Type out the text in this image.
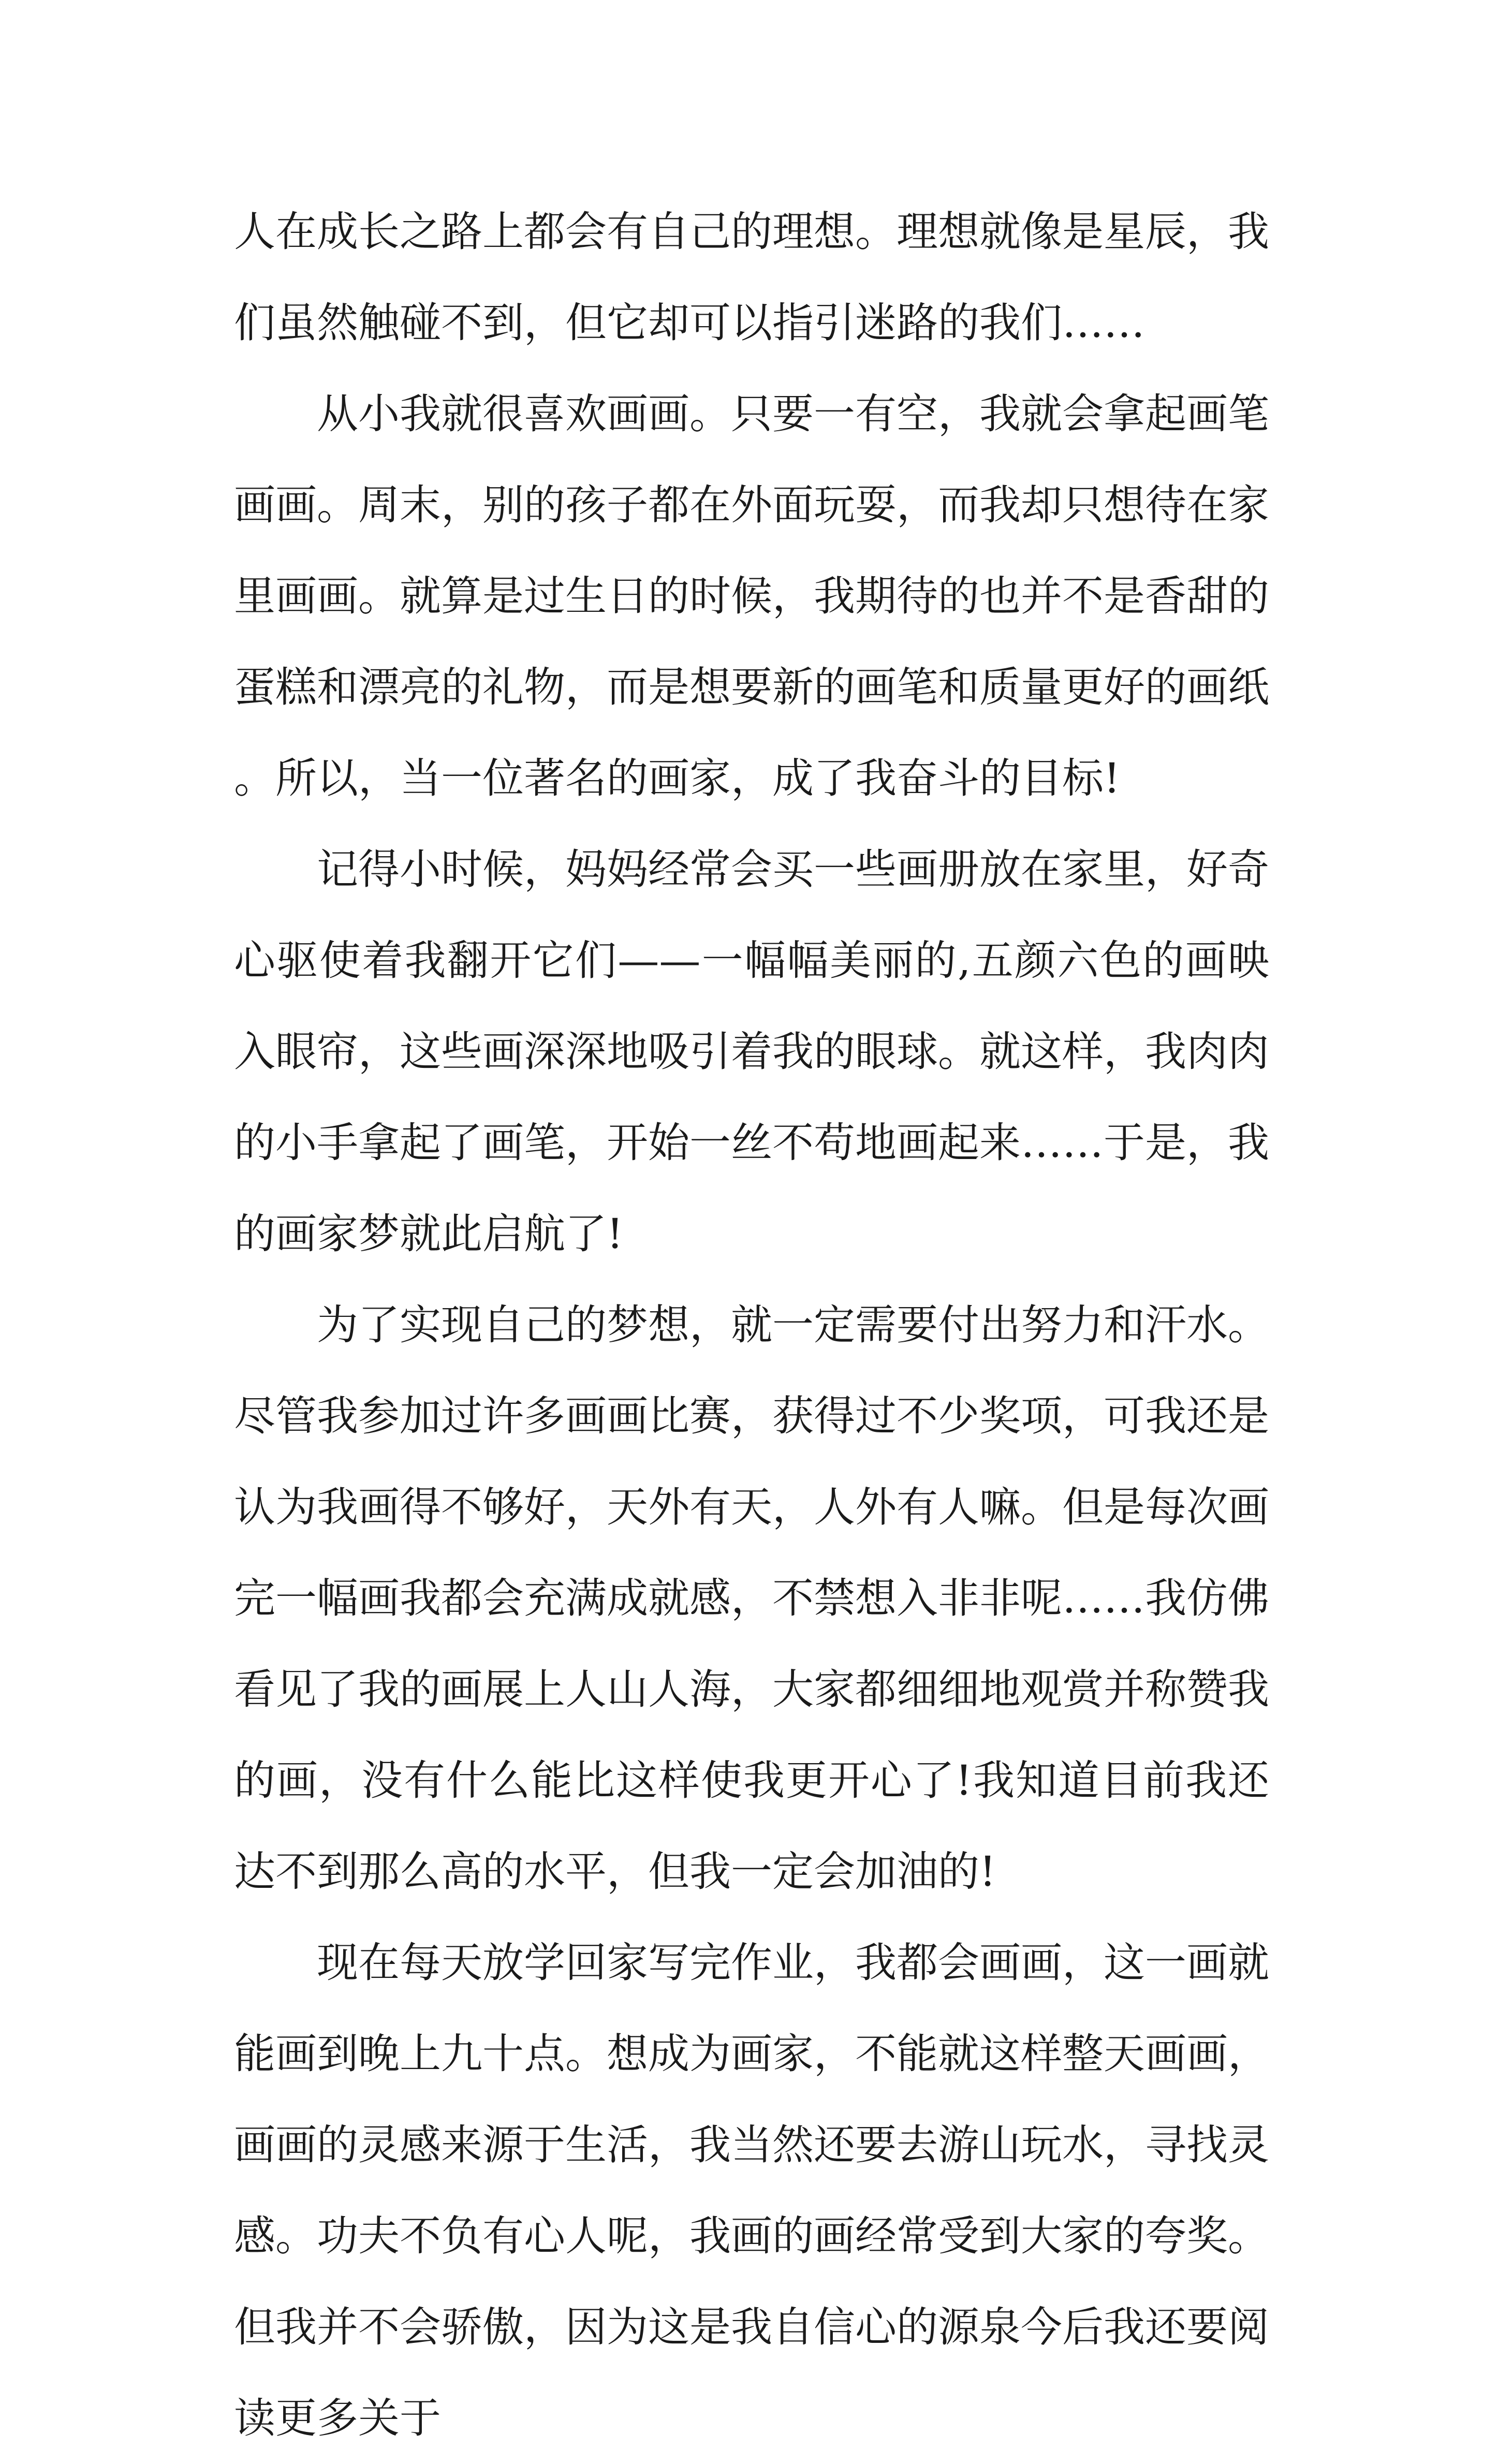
人在成长之路上都会有自己的理想。理想就像是星辰，我们虽然触碰不到，但它却可以指引迷路的我们……

从小我就很喜欢画画。只要一有空，我就会拿起画笔画画。周末，别的孩子都在外面玩耍，而我却只想待在家里画画。就算是过生日的时候，我期待的也并不是香甜的蛋糕和漂亮的礼物，而是想要新的画笔和质量更好的画纸。所以，当一位著名的画家，成了我奋斗的目标!

记得小时候，妈妈经常会买一些画册放在家里，好奇心驱使着我翻开它们——一幅幅美丽的,五颜六色的画映入眼帘，这些画深深地吸引着我的眼球。就这样，我肉肉的小手拿起了画笔，开始一丝不苟地画起来……于是，我的画家梦就此启航了!

为了实现自己的梦想，就一定需要付出努力和汗水。尽管我参加过许多画画比赛，获得过不少奖项，可我还是认为我画得不够好，天外有天，人外有人嘛。但是每次画完一幅画我都会充满成就感，不禁想入非非呢……我仿佛看见了我的画展上人山人海，大家都细细地观赏并称赞我的画，没有什么能比这样使我更开心了!我知道目前我还达不到那么高的水平，但我一定会加油的!

现在每天放学回家写完作业，我都会画画，这一画就能画到晚上九十点。想成为画家，不能就这样整天画画，画画的灵感来源于生活，我当然还要去游山玩水，寻找灵感。功夫不负有心人呢，我画的画经常受到大家的夸奖。但我并不会骄傲，因为这是我自信心的源泉今后我还要阅读更多关于
